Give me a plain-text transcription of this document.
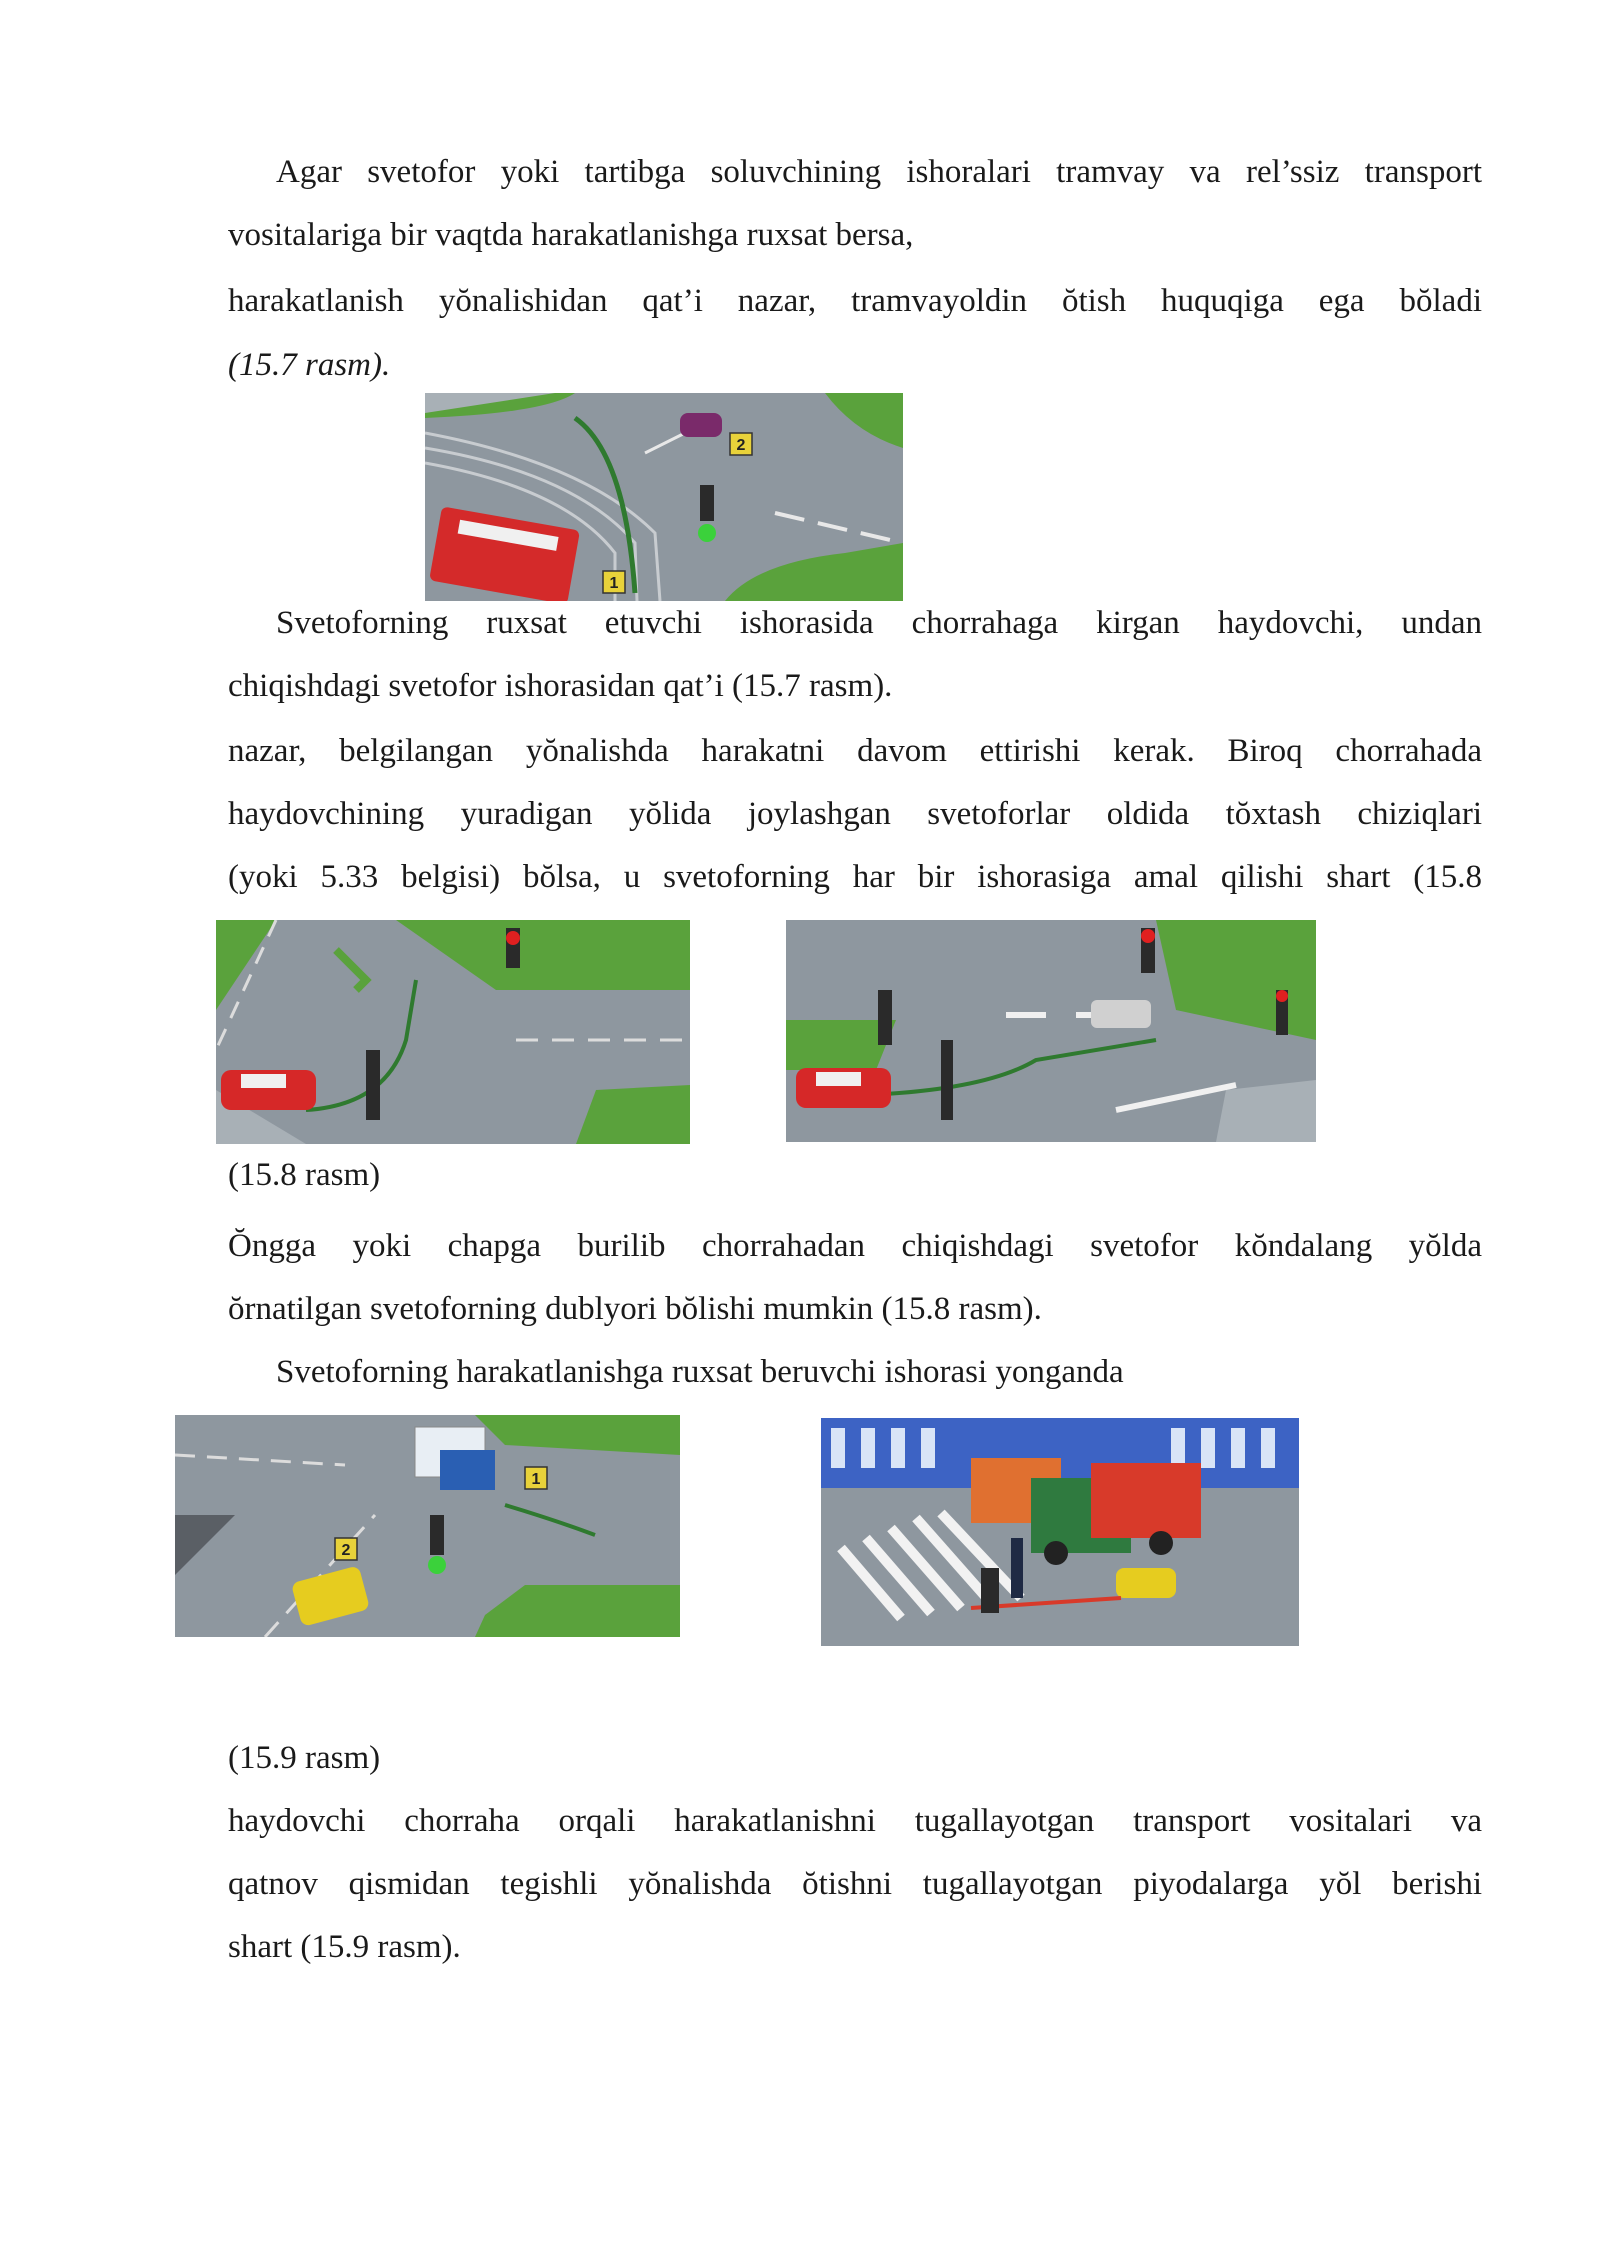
Agar svetofor yoki tartibga soluvchining ishoralari tramvay va rel’ssiz transport
vositalariga bir vaqtda harakatlanishga ruxsat bersa,
harakatlanish yŏnalishidan qat’i nazar, tramvayoldin ŏtish huquqiga ega bŏladi
(15.7 rasm).
2
1
Svetoforning ruxsat etuvchi ishorasida chorrahaga kirgan haydovchi, undan
chiqishdagi svetofor ishorasidan qat’i (15.7 rasm).
nazar, belgilangan yŏnalishda harakatni davom ettirishi kerak. Biroq chorrahada
haydovchining yuradigan yŏlida joylashgan svetoforlar oldida tŏxtash chiziqlari
(yoki 5.33 belgisi) bŏlsa, u svetoforning har bir ishorasiga amal qilishi shart (15.8
(15.8 rasm)
Ŏngga yoki chapga burilib chorrahadan chiqishdagi svetofor kŏndalang yŏlda
ŏrnatilgan svetoforning dublyori bŏlishi mumkin (15.8 rasm).
Svetoforning harakatlanishga ruxsat beruvchi ishorasi yonganda
1
2
(15.9 rasm)
haydovchi chorraha orqali harakatlanishni tugallayotgan transport vositalari va
qatnov qismidan tegishli yŏnalishda ŏtishni tugallayotgan piyodalarga yŏl berishi
shart (15.9 rasm).
